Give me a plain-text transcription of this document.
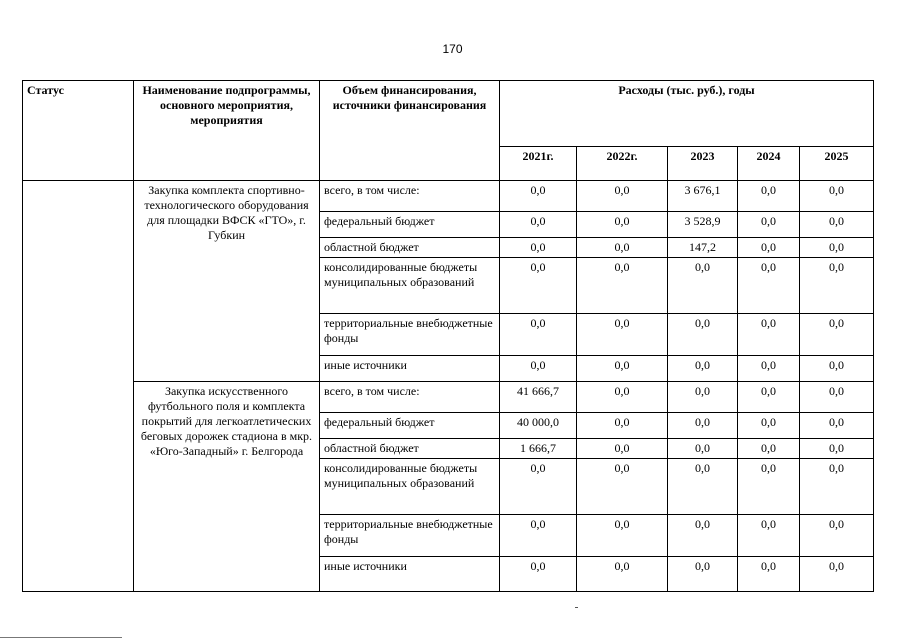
170
Статус	Наименование подпрограммы, основного мероприятия, мероприятия	Объем финансирования, источники финансирования	Расходы (тыс. руб.), годы				
			2021г.	2022г.	2023	2024	2025
	Закупка комплекта спортивно-технологического оборудования для площадки ВФСК «ГТО», г. Губкин	всего, в том числе:	0,0	0,0	3 676,1	0,0	0,0
		федеральный бюджет	0,0	0,0	3 528,9	0,0	0,0
		областной бюджет	0,0	0,0	147,2	0,0	0,0
		консолидированные бюджеты муниципальных образований	0,0	0,0	0,0	0,0	0,0
		территориальные внебюджетные фонды	0,0	0,0	0,0	0,0	0,0
		иные источники	0,0	0,0	0,0	0,0	0,0
	Закупка искусственного футбольного поля и комплекта покрытий для легкоатлетических беговых дорожек стадиона в мкр. «Юго-Западный» г. Белгорода	всего, в том числе:	41 666,7	0,0	0,0	0,0	0,0
		федеральный бюджет	40 000,0	0,0	0,0	0,0	0,0
		областной бюджет	1 666,7	0,0	0,0	0,0	0,0
		консолидированные бюджеты муниципальных образований	0,0	0,0	0,0	0,0	0,0
		территориальные внебюджетные фонды	0,0	0,0	0,0	0,0	0,0
		иные источники	0,0	0,0	0,0	0,0	0,0
